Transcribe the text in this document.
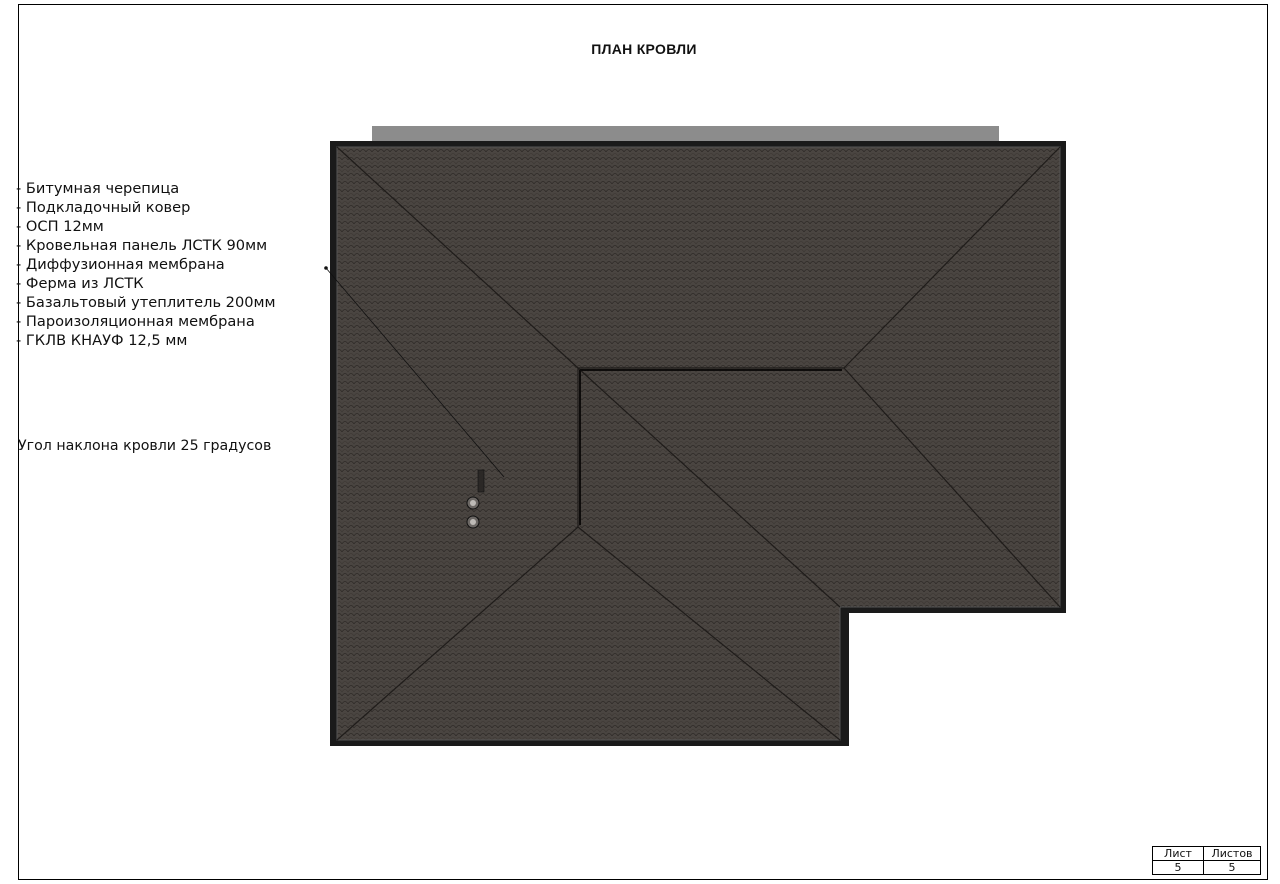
ПЛАН КРОВЛИ
- Битумная черепица
- Подкладочный ковер
- ОСП 12мм
- Кровельная панель ЛСТК 90мм
- Диффузионная мембрана
- Ферма из ЛСТК
- Базальтовый утеплитель 200мм
- Пароизоляционная мембрана
- ГКЛВ КНАУФ 12,5 мм
Угол наклона кровли 25 градусов
Лист	Листов
5	5
